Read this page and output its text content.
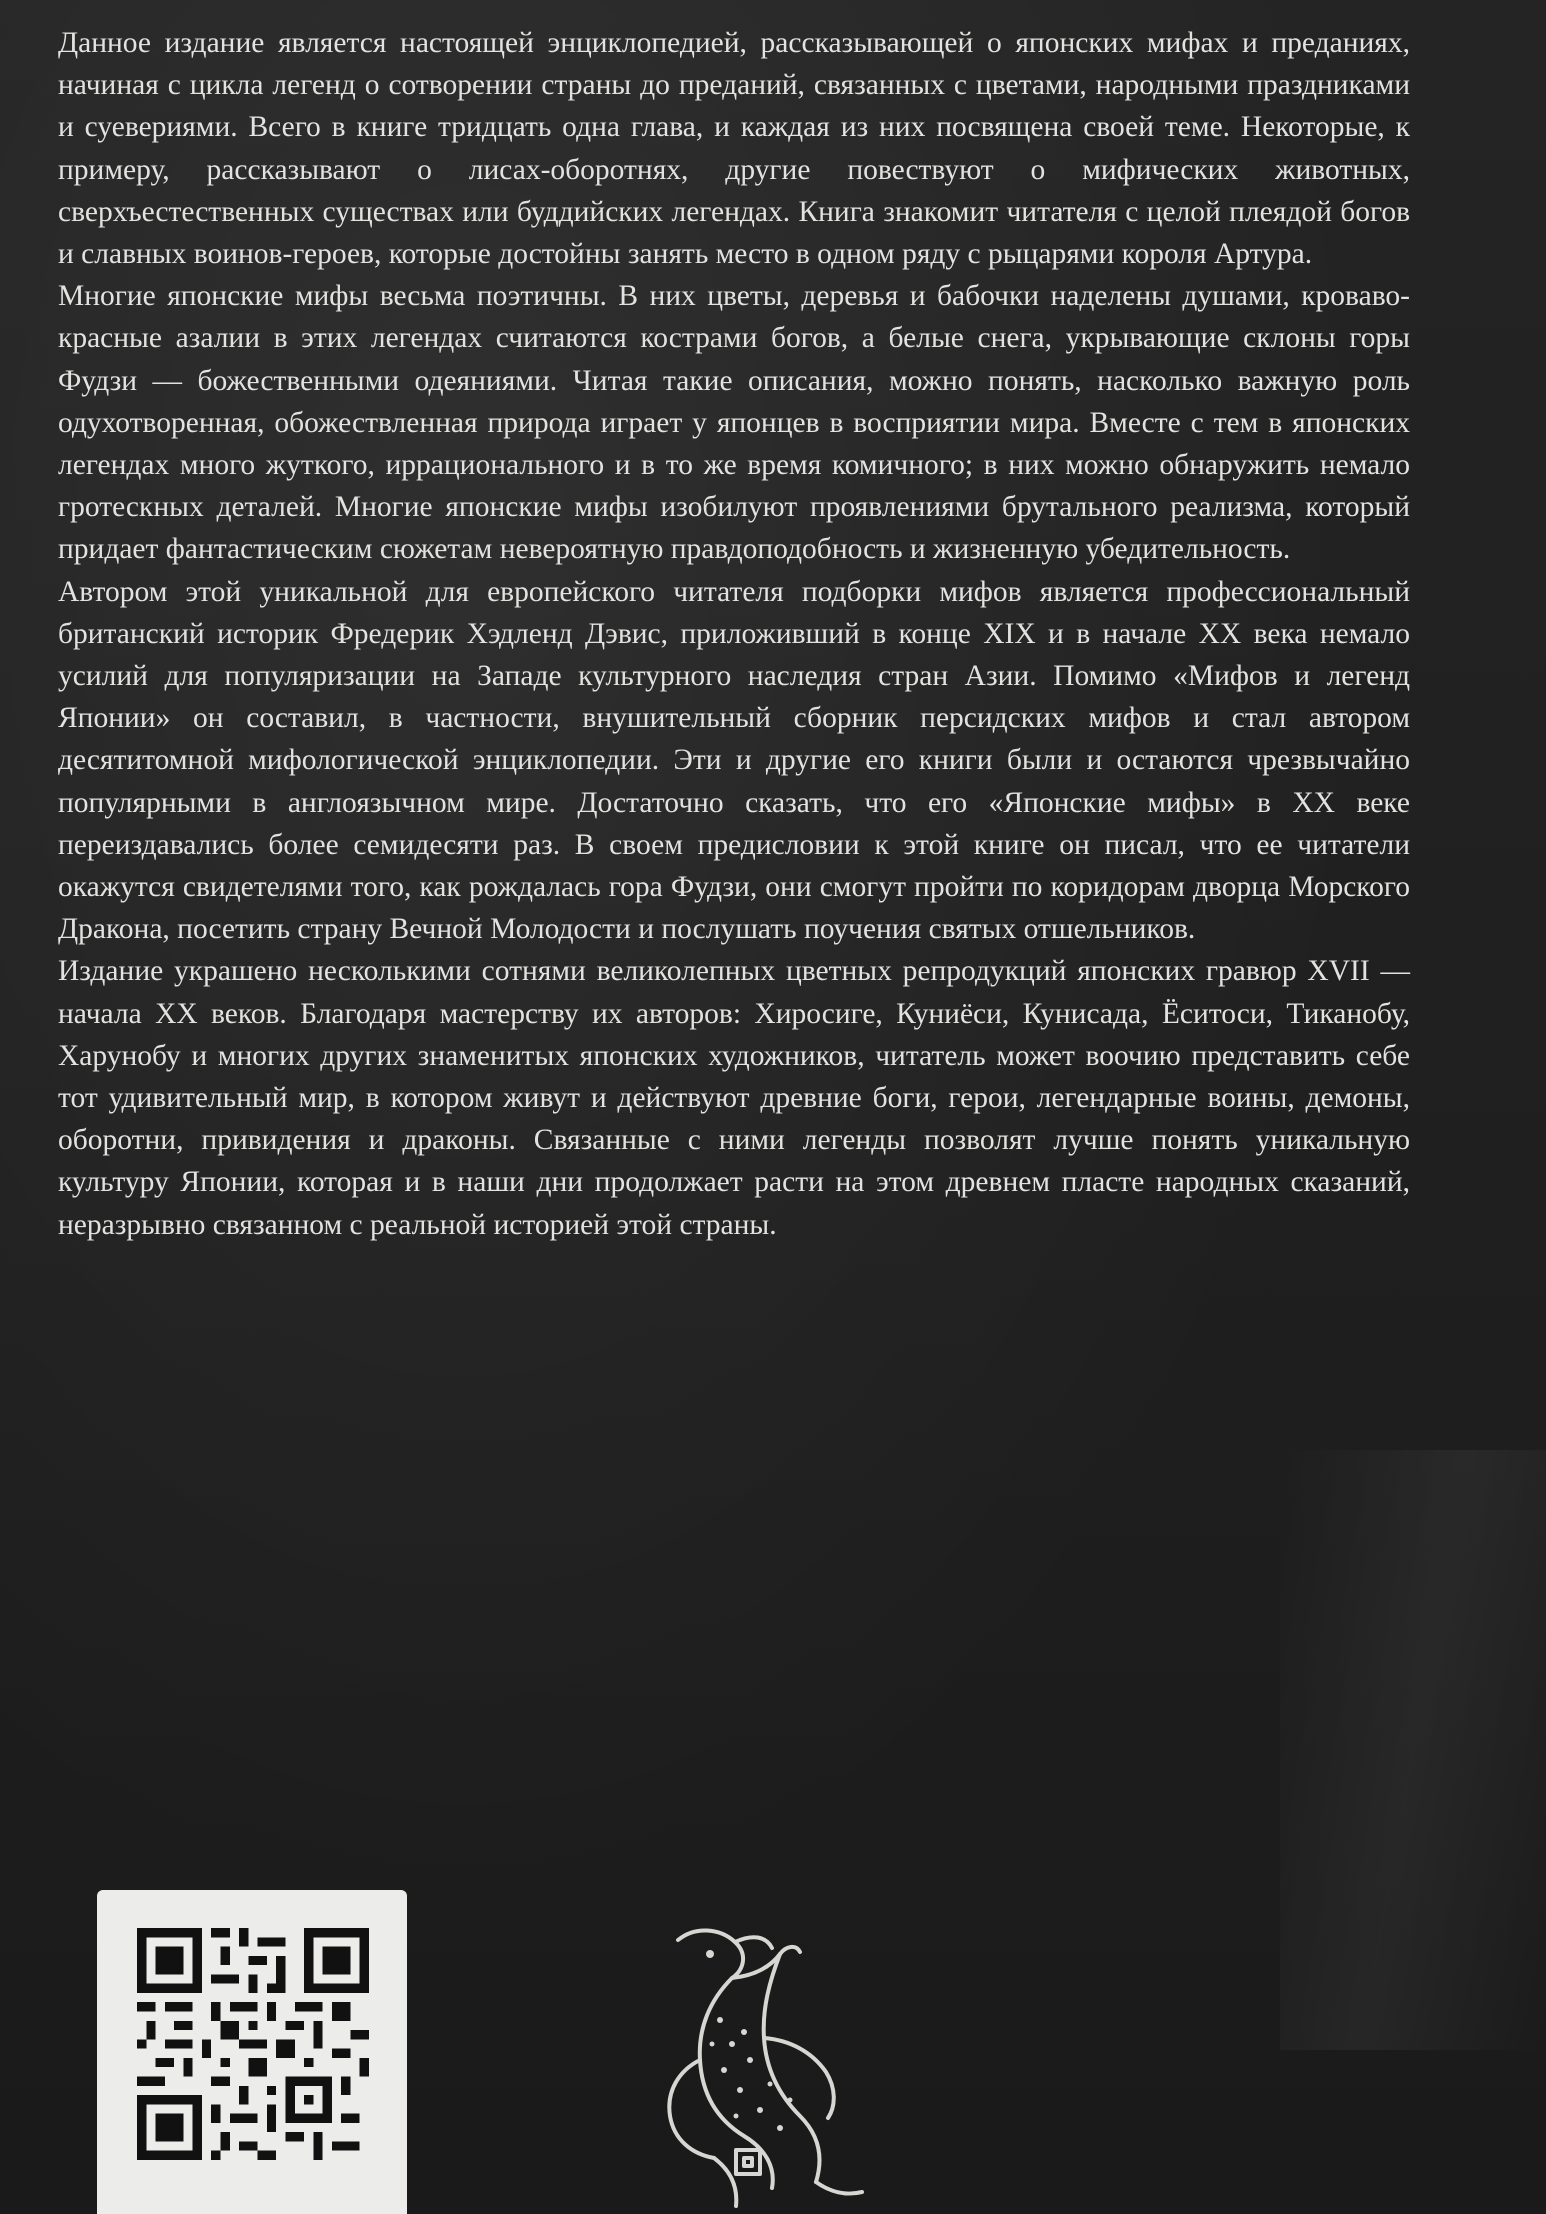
Данное издание является настоящей энциклопедией, рассказывающей о японских мифах и преданиях, начиная с цикла легенд о сотворении страны до преданий, связанных с цветами, народными праздниками и суевериями. Всего в книге тридцать одна глава, и каждая из них посвящена своей теме. Некоторые, к примеру, рассказывают о лисах-оборотнях, другие повествуют о мифических животных, сверхъестественных существах или буддийских легендах. Книга знакомит читателя с целой плеядой богов и славных воинов-героев, которые достойны занять место в одном ряду с рыцарями короля Артура.

Многие японские мифы весьма поэтичны. В них цветы, деревья и бабочки наделены душами, кроваво-красные азалии в этих легендах считаются кострами богов, а белые снега, укрывающие склоны горы Фудзи — божественными одеяниями. Читая такие описания, можно понять, насколько важную роль одухотворенная, обожествленная природа играет у японцев в восприятии мира. Вместе с тем в японских легендах много жуткого, иррационального и в то же время комичного; в них можно обнаружить немало гротескных деталей. Многие японские мифы изобилуют проявлениями брутального реализма, который придает фантастическим сюжетам невероятную правдоподобность и жизненную убедительность.

Автором этой уникальной для европейского читателя подборки мифов является профессиональный британский историк Фредерик Хэдленд Дэвис, приложивший в конце XIX и в начале XX века немало усилий для популяризации на Западе культурного наследия стран Азии. Помимо «Мифов и легенд Японии» он составил, в частности, внушительный сборник персидских мифов и стал автором десятитомной мифологической энциклопедии. Эти и другие его книги были и остаются чрезвычайно популярными в англоязычном мире. Достаточно сказать, что его «Японские мифы» в XX веке переиздавались более семидесяти раз. В своем предисловии к этой книге он писал, что ее читатели окажутся свидетелями того, как рождалась гора Фудзи, они смогут пройти по коридорам дворца Морского Дракона, посетить страну Вечной Молодости и послушать поучения святых отшельников.

Издание украшено несколькими сотнями великолепных цветных репродукций японских гравюр XVII — начала XX веков. Благодаря мастерству их авторов: Хиросиге, Куниёси, Кунисада, Ёситоси, Тиканобу, Харунобу и многих других знаменитых японских художников, читатель может воочию представить себе тот удивительный мир, в котором живут и действуют древние боги, герои, легендарные воины, демоны, оборотни, привидения и драконы. Связанные с ними легенды позволят лучше понять уникальную культуру Японии, которая и в наши дни продолжает расти на этом древнем пласте народных сказаний, неразрывно связанном с реальной историей этой страны.
